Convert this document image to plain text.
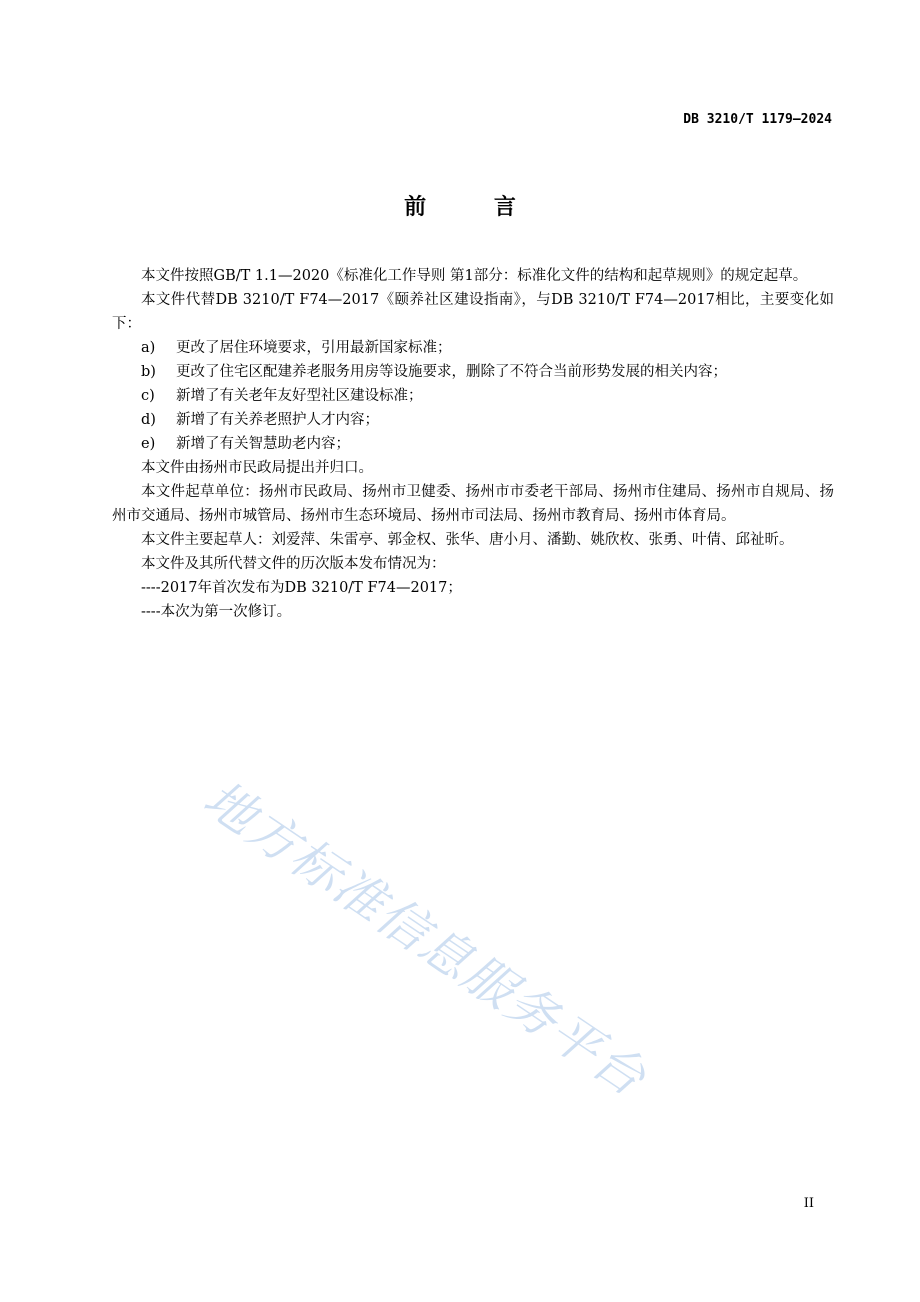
DB 3210/T 1179—2024
前 言

本文件按照GB/T 1.1—2020《标准化工作导则 第1部分：标准化文件的结构和起草规则》的规定起草。

本文件代替DB 3210/T F74—2017《颐养社区建设指南》，与DB 3210/T F74—2017相比，主要变化如下：

a) 更改了居住环境要求，引用最新国家标准；

b) 更改了住宅区配建养老服务用房等设施要求，删除了不符合当前形势发展的相关内容；

c) 新增了有关老年友好型社区建设标准；

d) 新增了有关养老照护人才内容；

e) 新增了有关智慧助老内容；

本文件由扬州市民政局提出并归口。

本文件起草单位：扬州市民政局、扬州市卫健委、扬州市市委老干部局、扬州市住建局、扬州市自规局、扬州市交通局、扬州市城管局、扬州市生态环境局、扬州市司法局、扬州市教育局、扬州市体育局。

本文件主要起草人：刘爱萍、朱雷亭、郭金权、张华、唐小月、潘勤、姚欣枚、张勇、叶倩、邱祉昕。

本文件及其所代替文件的历次版本发布情况为：

----2017年首次发布为DB 3210/T F74—2017；

----本次为第一次修订。

地方标准信息服务平台
II
